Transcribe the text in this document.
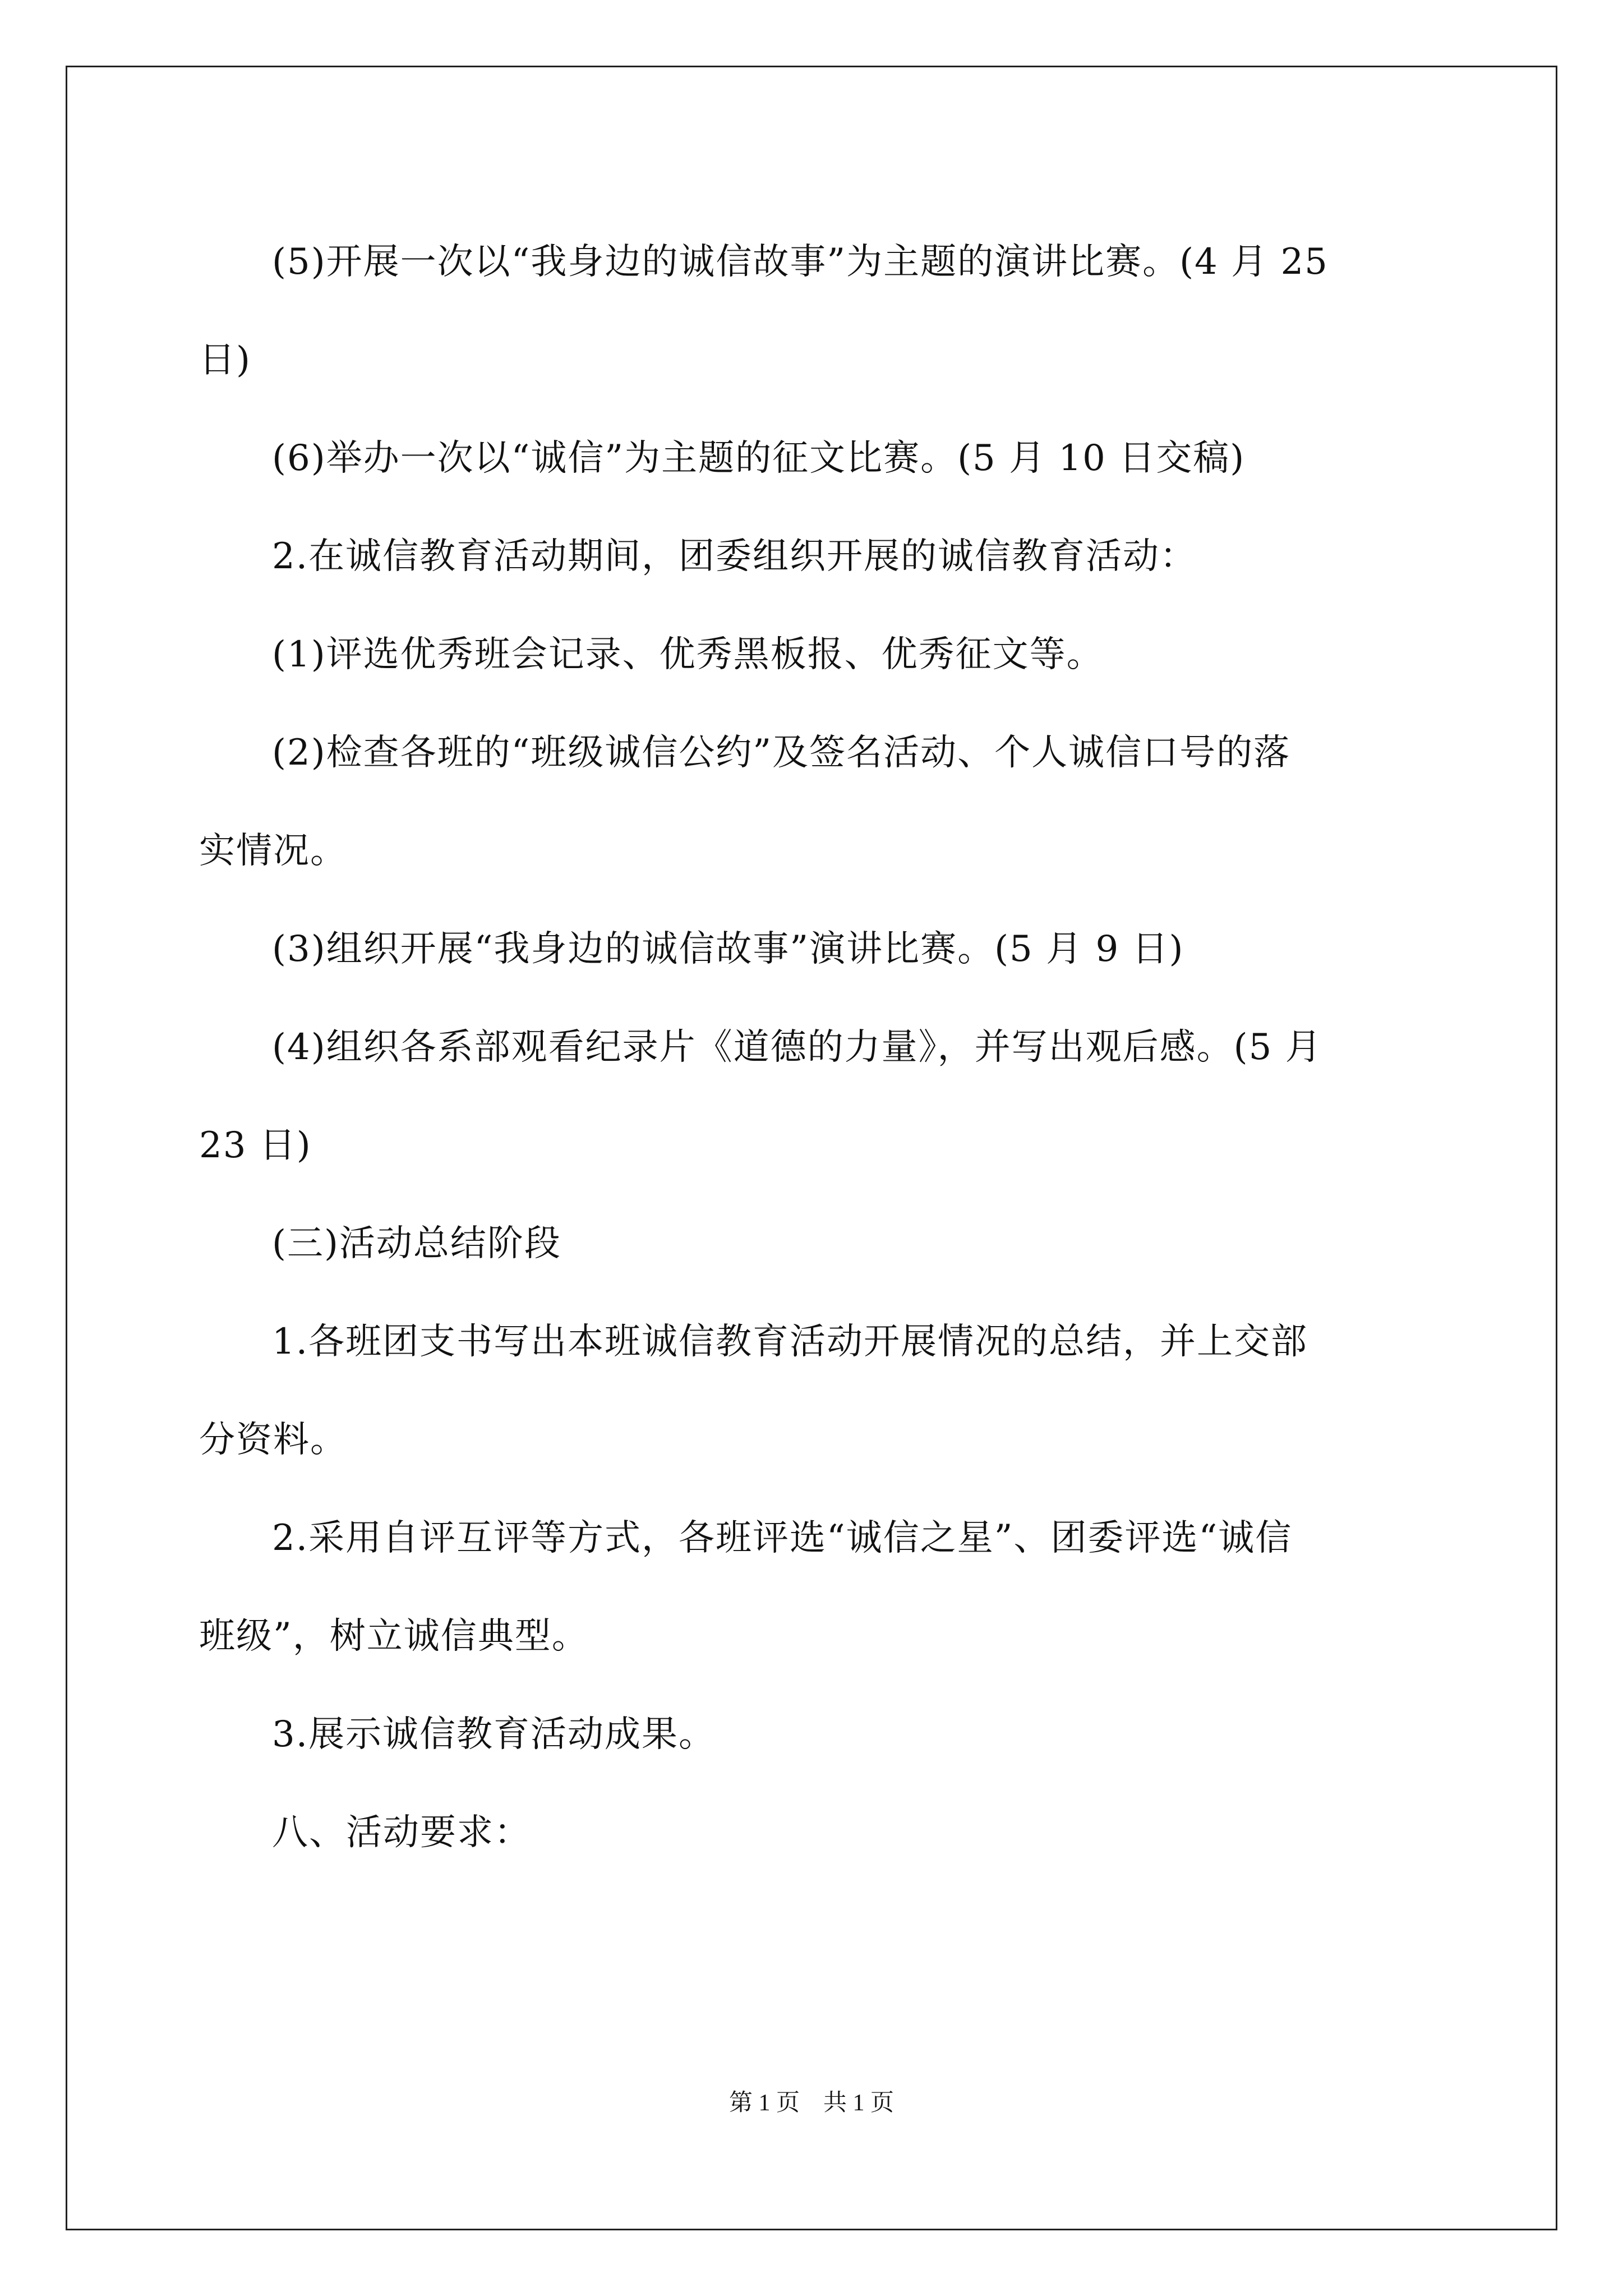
(5)开展一次以“我身边的诚信故事”为主题的演讲比赛。(4 月 25

日)

(6)举办一次以“诚信”为主题的征文比赛。(5 月 10 日交稿)

2.在诚信教育活动期间，团委组织开展的诚信教育活动：

(1)评选优秀班会记录、优秀黑板报、优秀征文等。

(2)检查各班的“班级诚信公约”及签名活动、个人诚信口号的落

实情况。

(3)组织开展“我身边的诚信故事”演讲比赛。(5 月 9 日)

(4)组织各系部观看纪录片《道德的力量》，并写出观后感。(5 月

23 日)

(三)活动总结阶段

1.各班团支书写出本班诚信教育活动开展情况的总结，并上交部

分资料。

2.采用自评互评等方式，各班评选“诚信之星”、团委评选“诚信

班级”，树立诚信典型。

3.展示诚信教育活动成果。

八、活动要求：

第 1 页　共 1 页
